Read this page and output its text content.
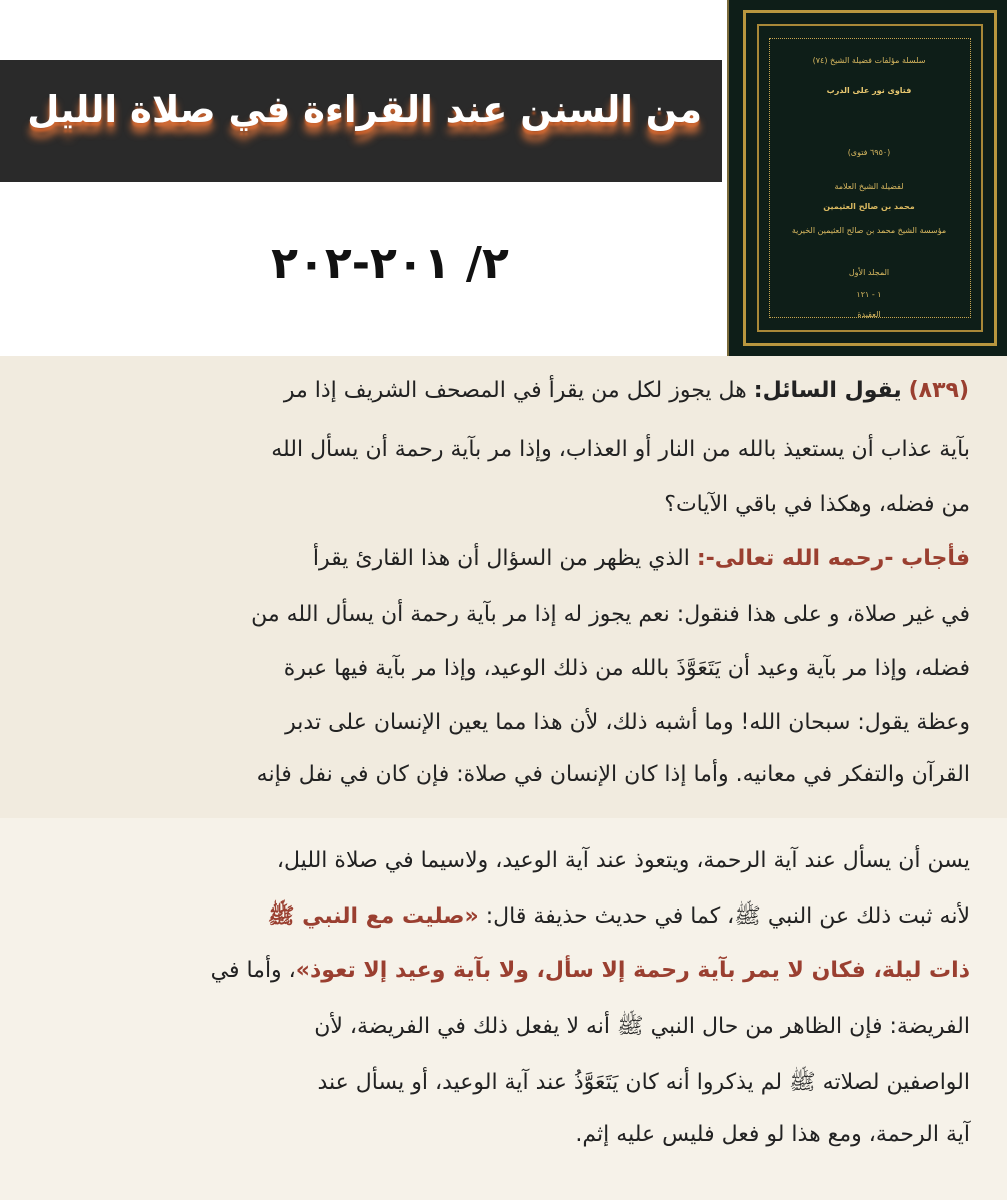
من السنن عند القراءة في صلاة الليل
٢/ ٢٠١-٢٠٢
سلسلة مؤلفات فضيلة الشيخ (٧٤)
فتاوى نور على الدرب
(٦٩٥٠ فتوى)
لفضيلة الشيخ العلامة
محمد بن صالح العثيمين
مؤسسة الشيخ محمد بن صالح العثيمين الخيرية
المجلد الأول
١ - ١٢١
العقيدة
(٨٣٩) يقول السائل: هل يجوز لكل من يقرأ في المصحف الشريف إذا مر
بآية عذاب أن يستعيذ بالله من النار أو العذاب، وإذا مر بآية رحمة أن يسأل الله
من فضله، وهكذا في باقي الآيات؟
فأجاب -رحمه الله تعالى-: الذي يظهر من السؤال أن هذا القارئ يقرأ
في غير صلاة، و على هذا فنقول: نعم يجوز له إذا مر بآية رحمة أن يسأل الله من
فضله، وإذا مر بآية وعيد أن يَتَعَوَّذَ بالله من ذلك الوعيد، وإذا مر بآية فيها عبرة
وعظة يقول: سبحان الله! وما أشبه ذلك، لأن هذا مما يعين الإنسان على تدبر
القرآن والتفكر في معانيه. وأما إذا كان الإنسان في صلاة: فإن كان في نفل فإنه
يسن أن يسأل عند آية الرحمة، ويتعوذ عند آية الوعيد، ولاسيما في صلاة الليل،
لأنه ثبت ذلك عن النبي ﷺ، كما في حديث حذيفة قال: «صليت مع النبي ﷺ
ذات ليلة، فكان لا يمر بآية رحمة إلا سأل، ولا بآية وعيد إلا تعوذ»، وأما في
الفريضة: فإن الظاهر من حال النبي ﷺ أنه لا يفعل ذلك في الفريضة، لأن
الواصفين لصلاته ﷺ لم يذكروا أنه كان يَتَعَوَّذُ عند آية الوعيد، أو يسأل عند
آية الرحمة، ومع هذا لو فعل فليس عليه إثم.
